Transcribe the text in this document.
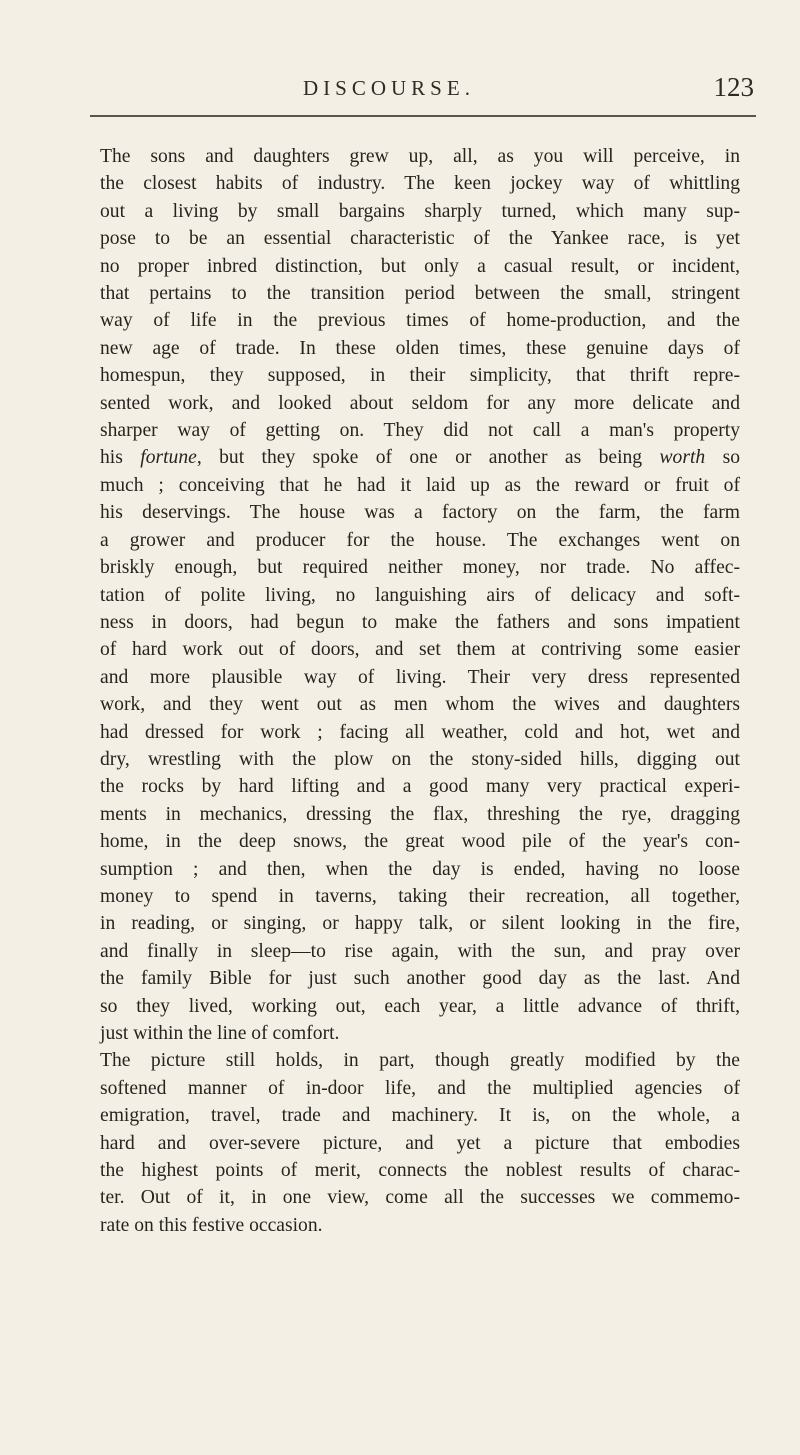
DISCOURSE.	123

The sons and daughters grew up, all, as you will perceive, in
the closest habits of industry. The keen jockey way of whittling
out a living by small bargains sharply turned, which many sup-
pose to be an essential characteristic of the Yankee race, is yet
no proper inbred distinction, but only a casual result, or incident,
that pertains to the transition period between the small, stringent
way of life in the previous times of home-production, and the
new age of trade. In these olden times, these genuine days of
homespun, they supposed, in their simplicity, that thrift repre-
sented work, and looked about seldom for any more delicate and
sharper way of getting on. They did not call a man's property
his fortune, but they spoke of one or another as being worth so
much ; conceiving that he had it laid up as the reward or fruit of
his deservings. The house was a factory on the farm, the farm
a grower and producer for the house. The exchanges went on
briskly enough, but required neither money, nor trade. No affec-
tation of polite living, no languishing airs of delicacy and soft-
ness in doors, had begun to make the fathers and sons impatient
of hard work out of doors, and set them at contriving some easier
and more plausible way of living. Their very dress represented
work, and they went out as men whom the wives and daughters
had dressed for work ; facing all weather, cold and hot, wet and
dry, wrestling with the plow on the stony-sided hills, digging out
the rocks by hard lifting and a good many very practical experi-
ments in mechanics, dressing the flax, threshing the rye, dragging
home, in the deep snows, the great wood pile of the year's con-
sumption ; and then, when the day is ended, having no loose
money to spend in taverns, taking their recreation, all together,
in reading, or singing, or happy talk, or silent looking in the fire,
and finally in sleep—to rise again, with the sun, and pray over
the family Bible for just such another good day as the last. And
so they lived, working out, each year, a little advance of thrift,
just within the line of comfort.

The picture still holds, in part, though greatly modified by the
softened manner of in-door life, and the multiplied agencies of
emigration, travel, trade and machinery. It is, on the whole, a
hard and over-severe picture, and yet a picture that embodies
the highest points of merit, connects the noblest results of charac-
ter. Out of it, in one view, come all the successes we commemo-
rate on this festive occasion.
